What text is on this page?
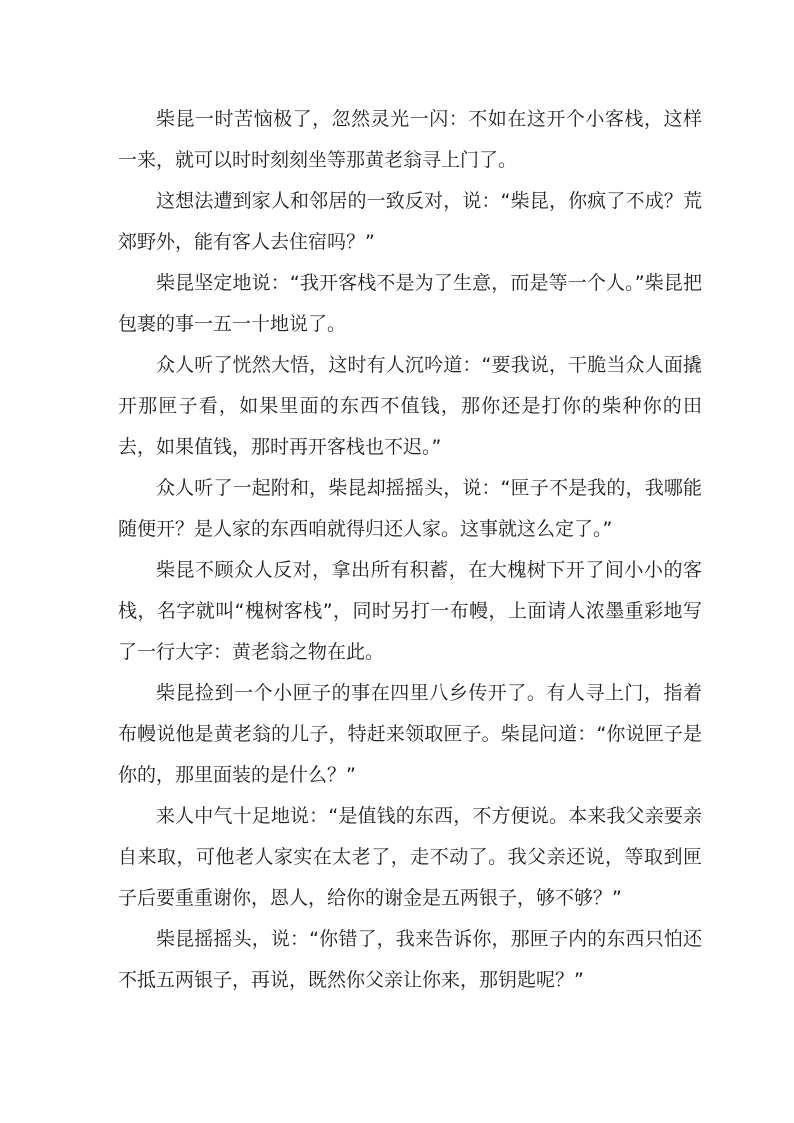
柴昆一时苦恼极了，忽然灵光一闪：不如在这开个小客栈，这样一来，就可以时时刻刻坐等那黄老翁寻上门了。

这想法遭到家人和邻居的一致反对，说：“柴昆，你疯了不成？荒郊野外，能有客人去住宿吗？”

柴昆坚定地说：“我开客栈不是为了生意，而是等一个人。”柴昆把包裹的事一五一十地说了。

众人听了恍然大悟，这时有人沉吟道：“要我说，干脆当众人面撬开那匣子看，如果里面的东西不值钱，那你还是打你的柴种你的田去，如果值钱，那时再开客栈也不迟。”

众人听了一起附和，柴昆却摇摇头，说：“匣子不是我的，我哪能随便开？是人家的东西咱就得归还人家。这事就这么定了。”

柴昆不顾众人反对，拿出所有积蓄，在大槐树下开了间小小的客栈，名字就叫“槐树客栈”，同时另打一布幔，上面请人浓墨重彩地写了一行大字：黄老翁之物在此。

柴昆捡到一个小匣子的事在四里八乡传开了。有人寻上门，指着布幔说他是黄老翁的儿子，特赶来领取匣子。柴昆问道：“你说匣子是你的，那里面装的是什么？”

来人中气十足地说：“是值钱的东西，不方便说。本来我父亲要亲自来取，可他老人家实在太老了，走不动了。我父亲还说，等取到匣子后要重重谢你，恩人，给你的谢金是五两银子，够不够？”

柴昆摇摇头，说：“你错了，我来告诉你，那匣子内的东西只怕还不抵五两银子，再说，既然你父亲让你来，那钥匙呢？”
